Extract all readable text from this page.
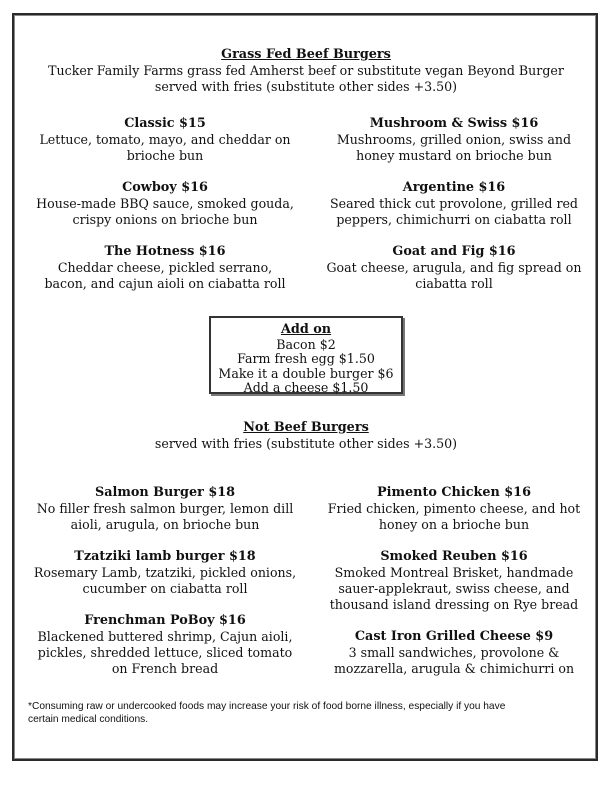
Grass Fed Beef Burgers

Tucker Family Farms grass fed Amherst beef or substitute vegan Beyond Burger

served with fries (substitute other sides +3.50)

Classic $15

Lettuce, tomato, mayo, and cheddar on

brioche bun

Mushroom & Swiss $16

Mushrooms, grilled onion, swiss and

honey mustard on brioche bun

Cowboy $16

House-made BBQ sauce, smoked gouda,

crispy onions on brioche bun

Argentine $16

Seared thick cut provolone, grilled red

peppers, chimichurri on ciabatta roll

The Hotness $16

Cheddar cheese, pickled serrano,

bacon, and cajun aioli on ciabatta roll

Goat and Fig $16

Goat cheese, arugula, and fig spread on

ciabatta roll

Add on

Bacon $2

Farm fresh egg $1.50

Make it a double burger $6

Add a cheese $1.50

Not Beef Burgers

served with fries (substitute other sides +3.50)

Salmon Burger $18

No filler fresh salmon burger, lemon dill

aioli, arugula, on brioche bun

Pimento Chicken $16

Fried chicken, pimento cheese, and hot

honey on a brioche bun

Tzatziki lamb burger $18

Rosemary Lamb, tzatziki, pickled onions,

cucumber on ciabatta roll

Smoked Reuben $16

Smoked Montreal Brisket, handmade

sauer-applekraut, swiss cheese, and

thousand island dressing on Rye bread

Frenchman PoBoy $16

Blackened buttered shrimp, Cajun aioli,

pickles, shredded lettuce, sliced tomato

on French bread

Cast Iron Grilled Cheese $9

3 small sandwiches, provolone &

mozzarella, arugula & chimichurri on

*Consuming raw or undercooked foods may increase your risk of food borne illness, especially if you have
certain medical conditions.
